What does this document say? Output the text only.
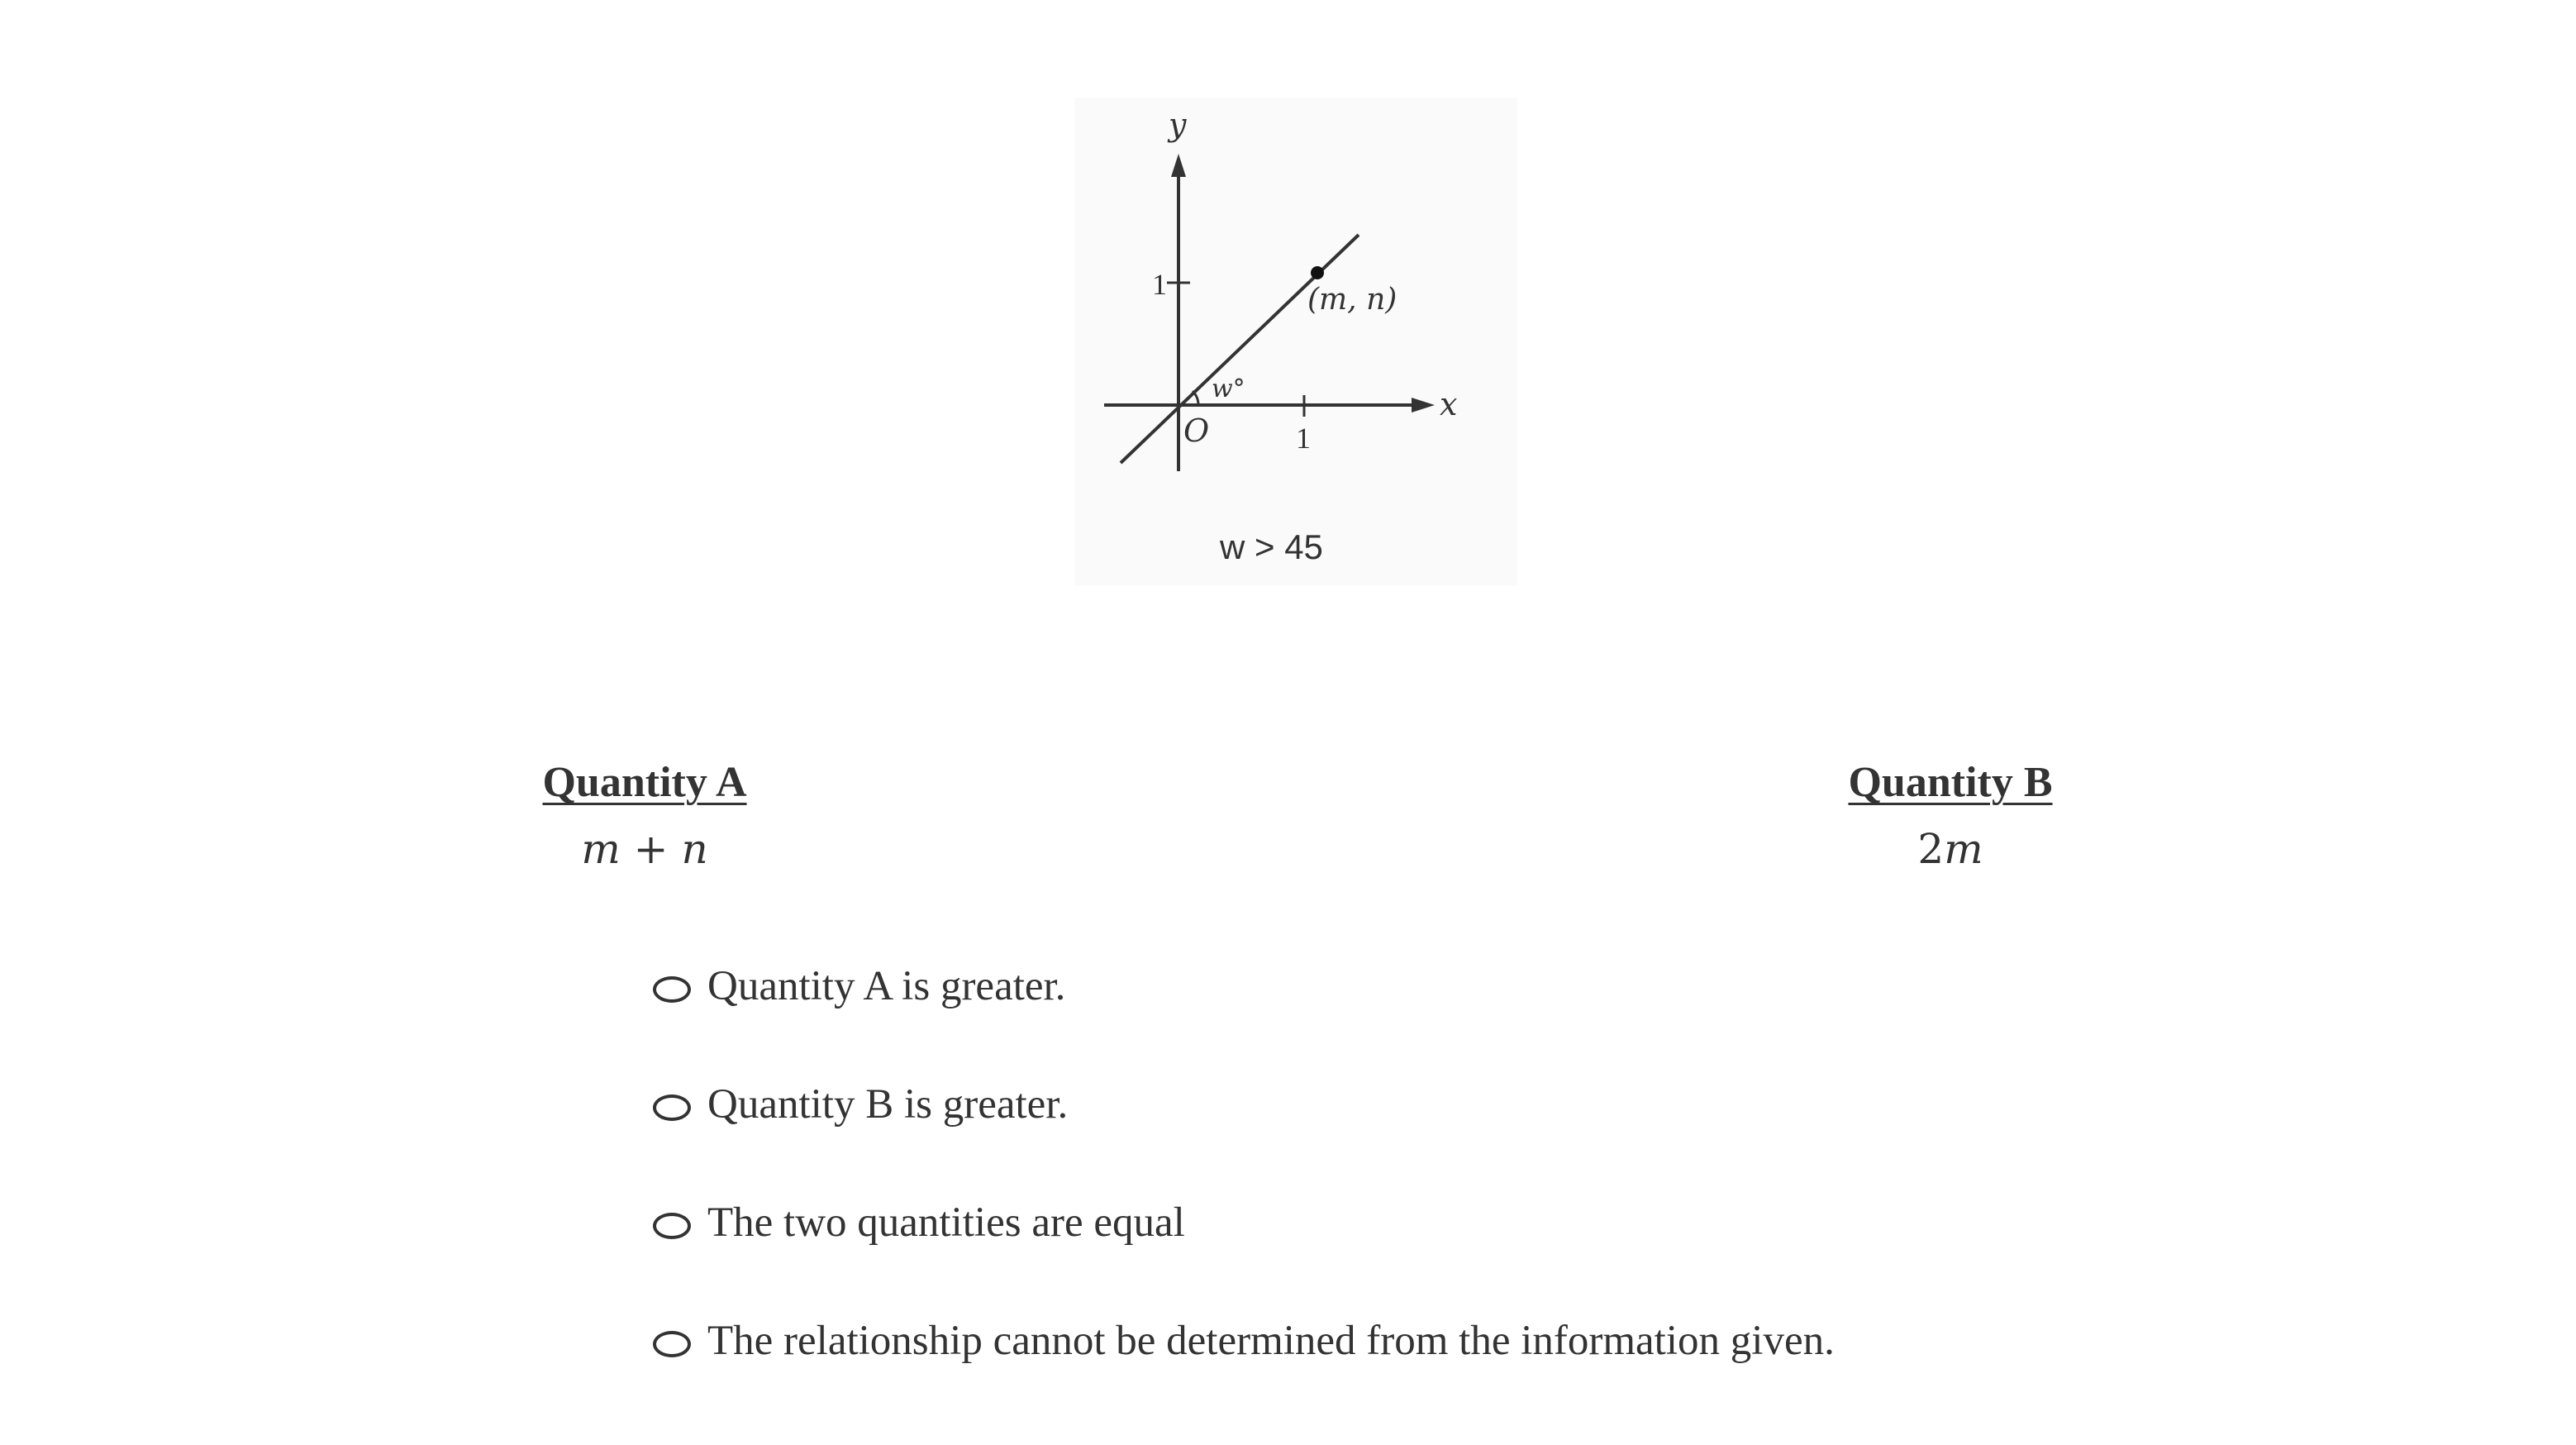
y
x
O
1
1
w°
(m, n)
w > 45
Quantity A
m + n
Quantity B
2m
Quantity A is greater.
Quantity B is greater.
The two quantities are equal
The relationship cannot be determined from the information given.
